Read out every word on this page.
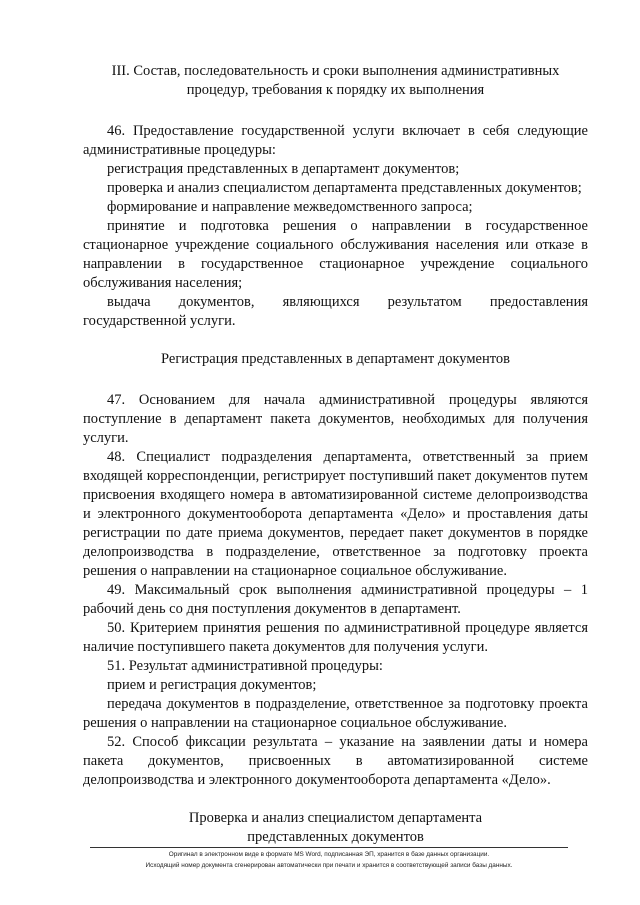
III. Состав, последовательность и сроки выполнения административных

процедур, требования к порядку их выполнения

46. Предоставление государственной услуги включает в себя следующие административные процедуры:

регистрация представленных в департамент документов;

проверка и анализ специалистом департамента представленных документов;

формирование и направление межведомственного запроса;

принятие и подготовка решения о направлении в государственное стационарное учреждение социального обслуживания населения или отказе в направлении в государственное стационарное учреждение социального обслуживания населения;

выдача документов, являющихся результатом предоставления государственной услуги.

Регистрация представленных в департамент документов

47. Основанием для начала административной процедуры являются поступление в департамент пакета документов, необходимых для получения услуги.

48. Специалист подразделения департамента, ответственный за прием входящей корреспонденции, регистрирует поступивший пакет документов путем присвоения входящего номера в автоматизированной системе делопроизводства и электронного документооборота департамента «Дело» и проставления даты регистрации по дате приема документов, передает пакет документов в порядке делопроизводства в подразделение, ответственное за подготовку проекта решения о направлении на стационарное социальное обслуживание.

49. Максимальный срок выполнения административной процедуры – 1 рабочий день со дня поступления документов в департамент.

50. Критерием принятия решения по административной процедуре является наличие поступившего пакета документов для получения услуги.

51. Результат административной процедуры:

прием и регистрация документов;

передача документов в подразделение, ответственное за подготовку проекта решения о направлении на стационарное социальное обслуживание.

52. Способ фиксации результата – указание на заявлении даты и номера пакета документов, присвоенных в автоматизированной системе делопроизводства и электронного документооборота департамента «Дело».

Проверка и анализ специалистом департамента

представленных документов

Оригинал в электронном виде в формате MS Word, подписанная ЭП, хранится в базе данных организации.
Исходящий номер документа сгенерирован автоматически при печати и хранится в соответствующей записи базы данных.
